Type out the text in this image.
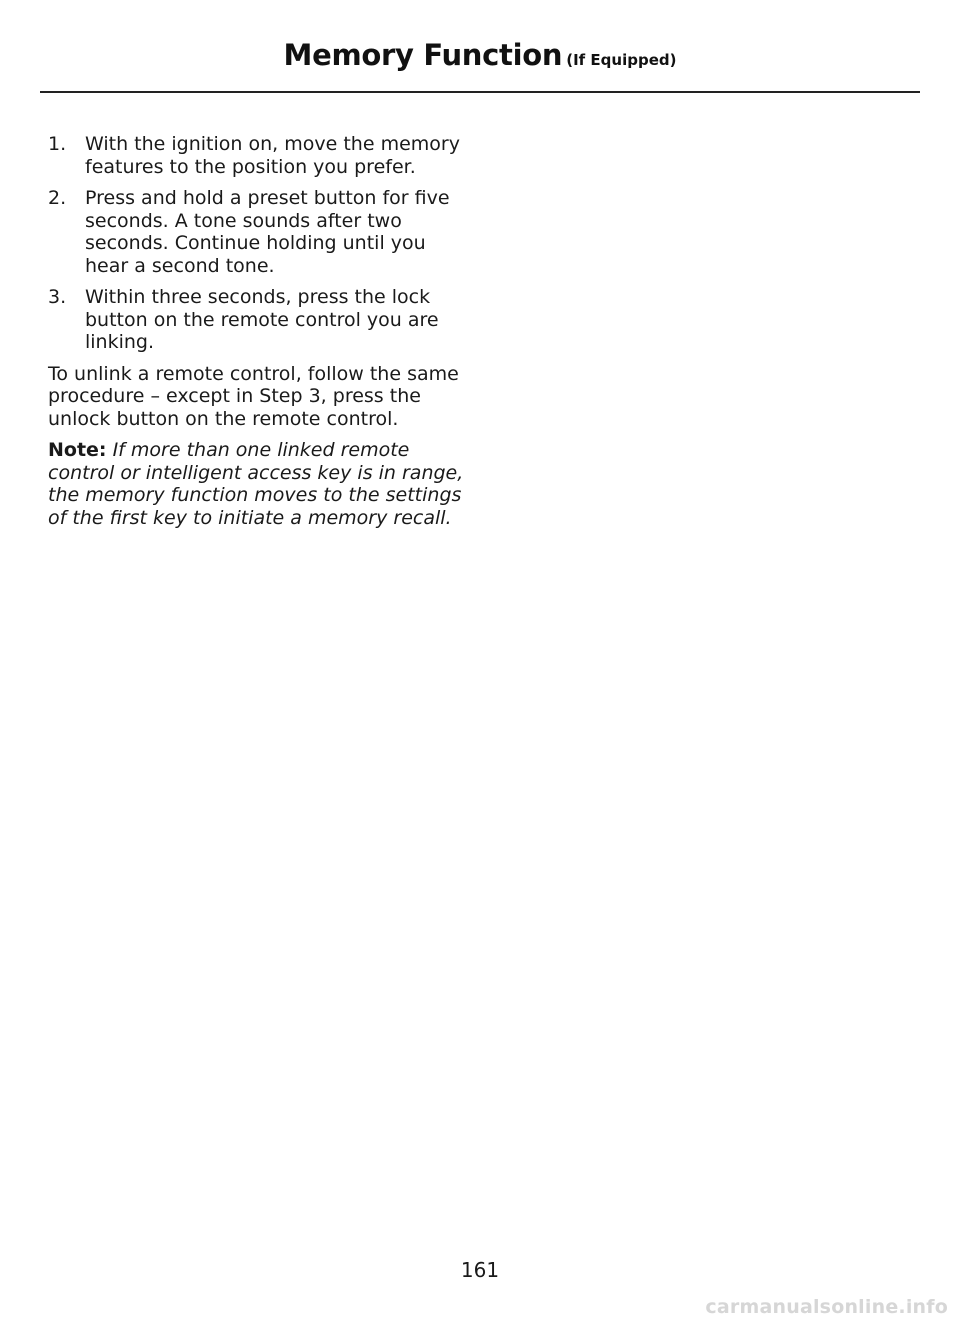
Memory Function (If Equipped)
1. With the ignition on, move the memory features to the position you prefer.
2. Press and hold a preset button for five seconds. A tone sounds after two seconds. Continue holding until you hear a second tone.
3. Within three seconds, press the lock button on the remote control you are linking.

To unlink a remote control, follow the same procedure – except in Step 3, press the unlock button on the remote control.

Note: If more than one linked remote control or intelligent access key is in range, the memory function moves to the settings of the first key to initiate a memory recall.

161
carmanualsonline.info
